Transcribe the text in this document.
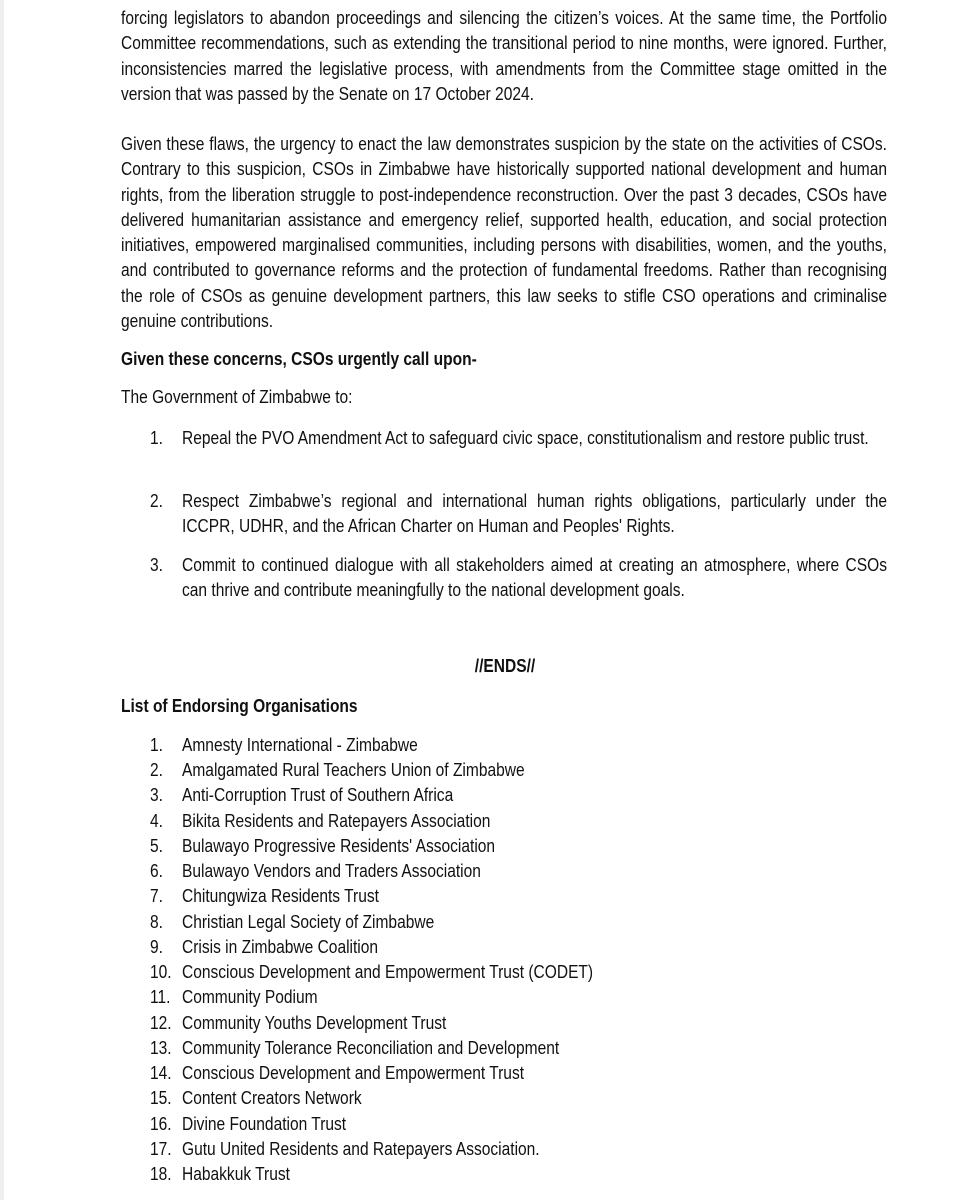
forcing legislators to abandon proceedings and silencing the citizen’s voices. At the same time, the Portfolio Committee recommendations, such as extending the transitional period to nine months, were ignored. Further, inconsistencies marred the legislative process, with amendments from the Committee stage omitted in the version that was passed by the Senate on 17 October 2024.
Given these flaws, the urgency to enact the law demonstrates suspicion by the state on the activities of CSOs. Contrary to this suspicion, CSOs in Zimbabwe have historically supported national development and human rights, from the liberation struggle to post-independence reconstruction. Over the past 3 decades, CSOs have delivered humanitarian assistance and emergency relief, supported health, education, and social protection initiatives, empowered marginalised communities, including persons with disabilities, women, and the youths, and contributed to governance reforms and the protection of fundamental freedoms. Rather than recognising the role of CSOs as genuine development partners, this law seeks to stifle CSO operations and criminalise genuine contributions.
Given these concerns, CSOs urgently call upon-
The Government of Zimbabwe to:
1.	Repeal the PVO Amendment Act to safeguard civic space, constitutionalism and restore public trust.
2.	Respect Zimbabwe’s regional and international human rights obligations, particularly under the ICCPR, UDHR, and the African Charter on Human and Peoples' Rights.
3.	Commit to continued dialogue with all stakeholders aimed at creating an atmosphere, where CSOs can thrive and contribute meaningfully to the national development goals.
//ENDS//
List of Endorsing Organisations
1. Amnesty International - Zimbabwe
2. Amalgamated Rural Teachers Union of Zimbabwe
3. Anti-Corruption Trust of Southern Africa
4. Bikita Residents and Ratepayers Association
5. Bulawayo Progressive Residents' Association
6. Bulawayo Vendors and Traders Association
7. Chitungwiza Residents Trust
8. Christian Legal Society of Zimbabwe
9. Crisis in Zimbabwe Coalition
10. Conscious Development and Empowerment Trust (CODET)
11. Community Podium
12. Community Youths Development Trust
13. Community Tolerance Reconciliation and Development
14. Conscious Development and Empowerment Trust
15. Content Creators Network
16. Divine Foundation Trust
17. Gutu United Residents and Ratepayers Association.
18. Habakkuk Trust
